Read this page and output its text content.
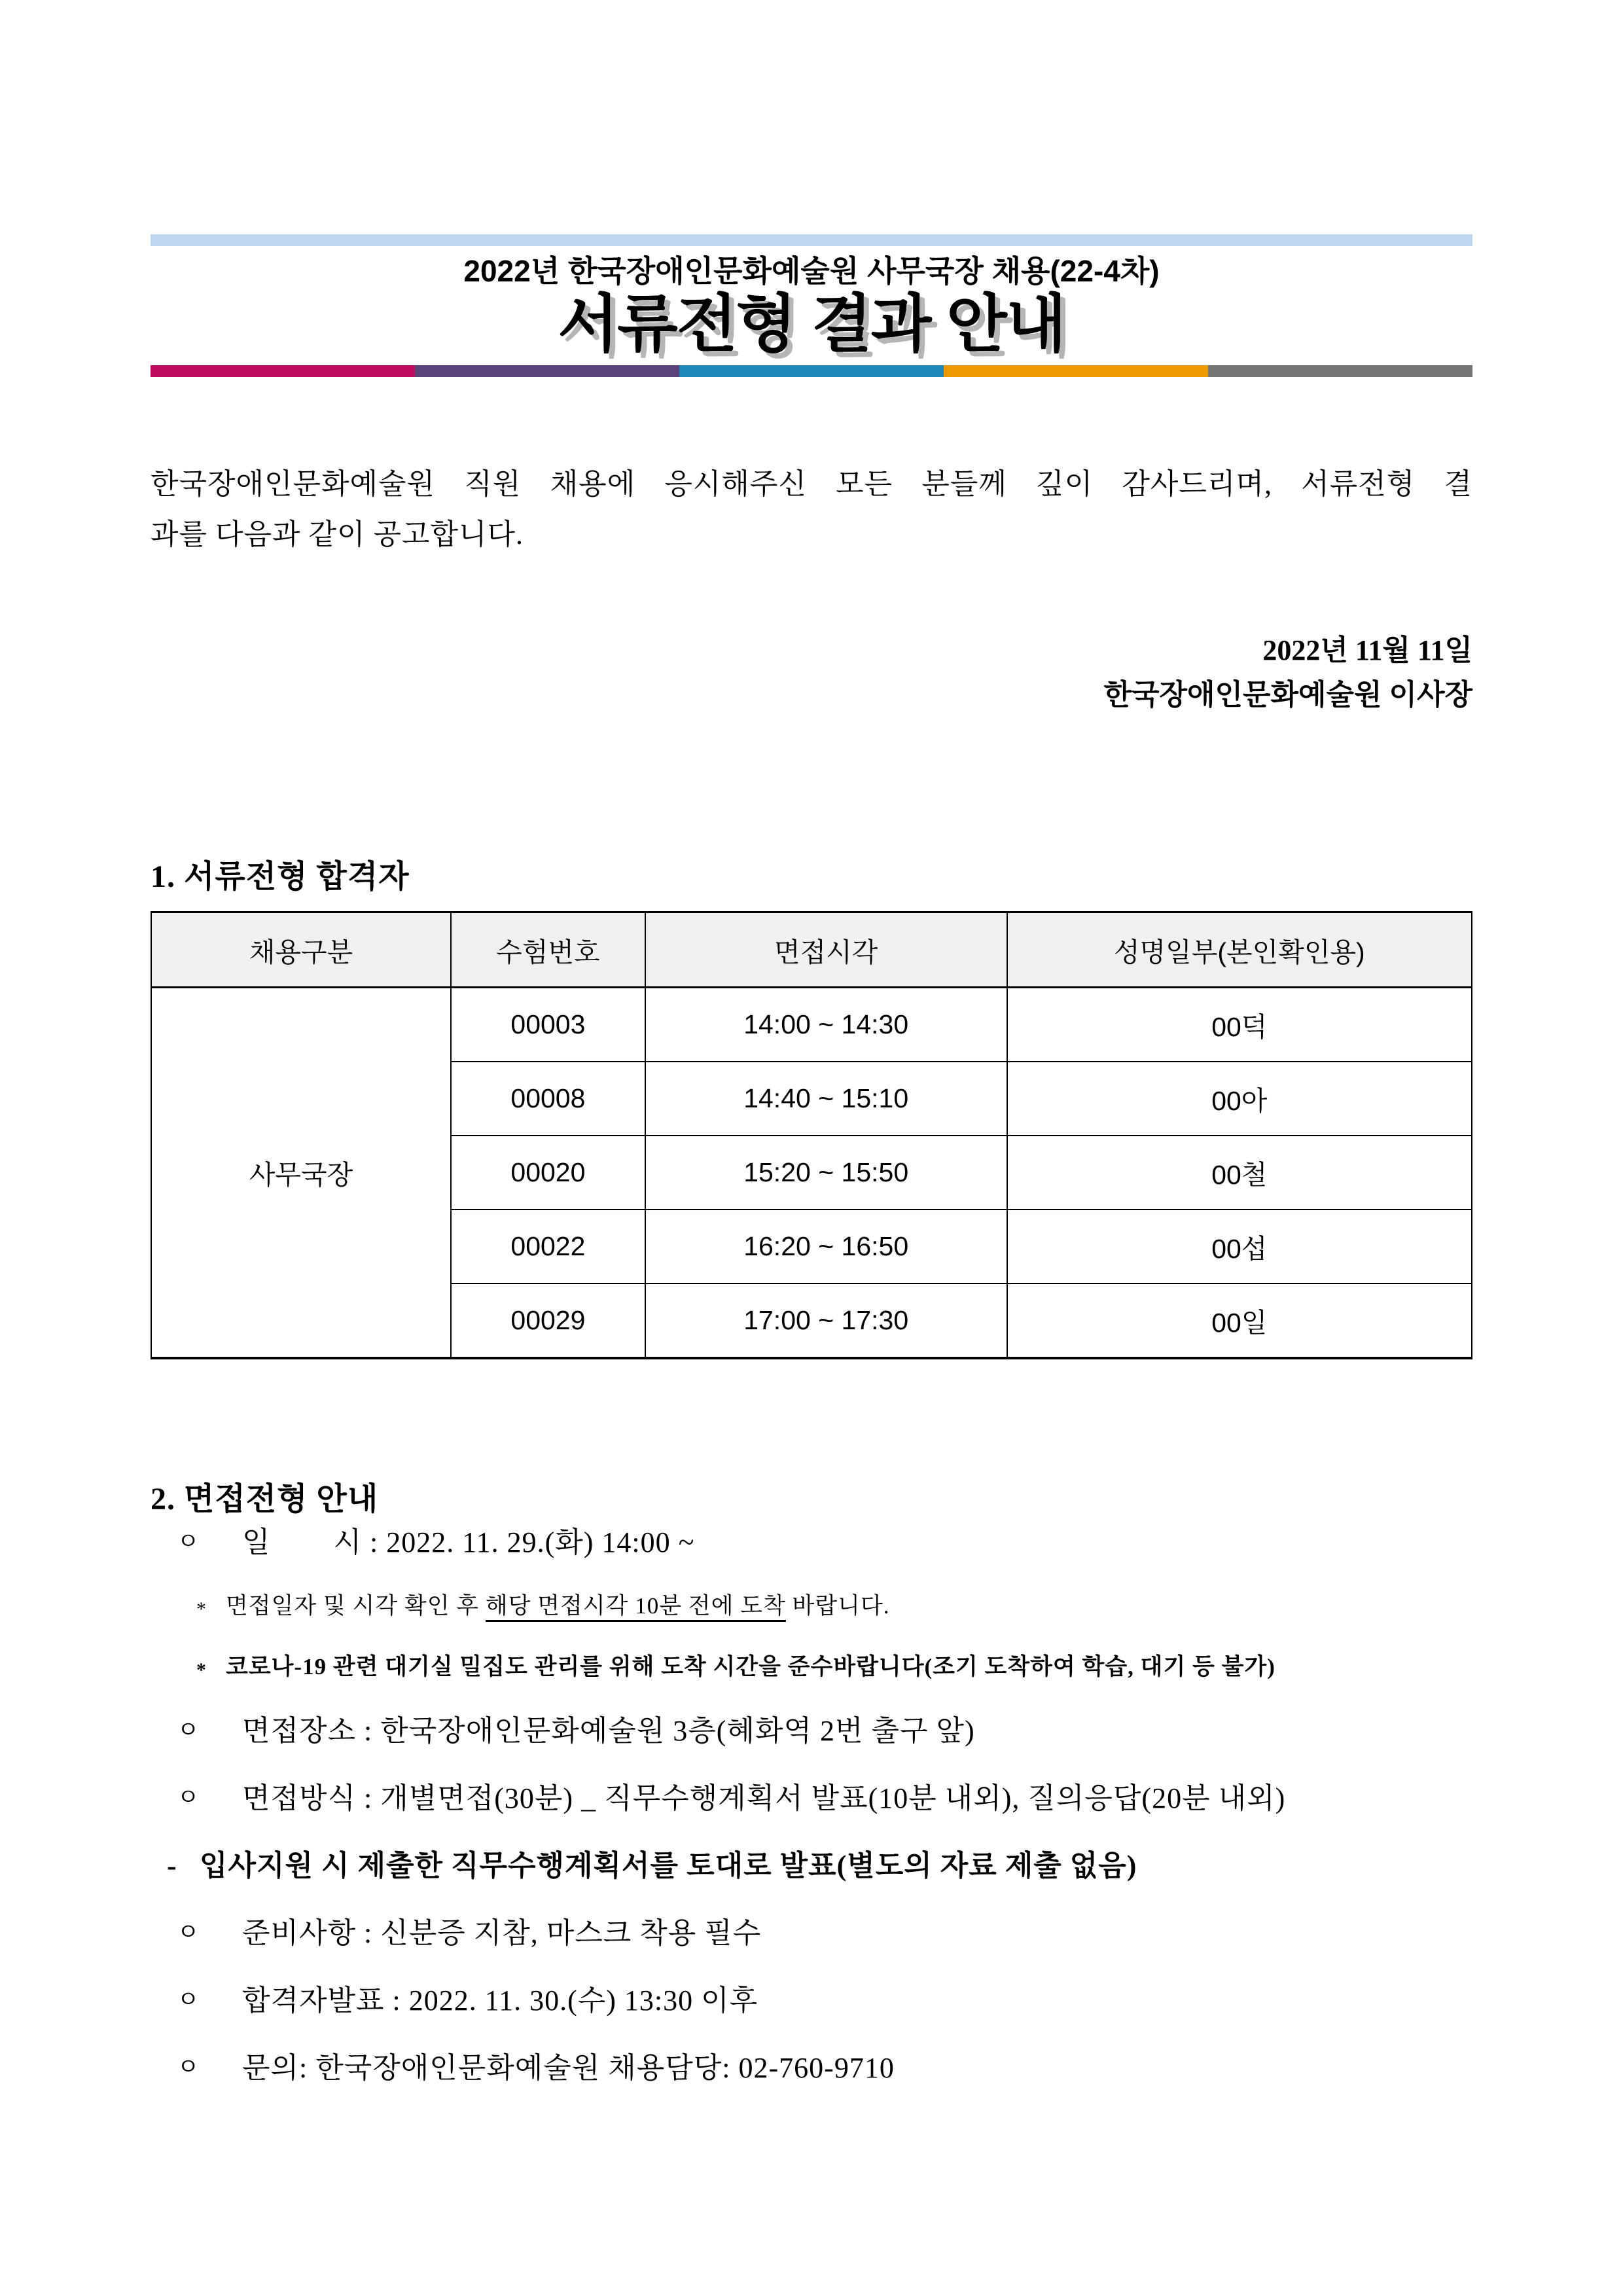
2022년 한국장애인문화예술원 사무국장 채용(22-4차)
서류전형 결과 안내
한국장애인문화예술원 직원 채용에 응시해주신 모든 분들께 깊이 감사드리며, 서류전형 결
과를 다음과 같이 공고합니다.
2022년 11월 11일
한국장애인문화예술원 이사장
1. 서류전형 합격자
채용구분	수험번호	면접시각	성명일부(본인확인용)
사무국장	00003	14:00 ~ 14:30	00덕
	00008	14:40 ~ 15:10	00아
	00020	15:20 ~ 15:50	00철
	00022	16:20 ~ 16:50	00섭
	00029	17:00 ~ 17:30	00일
2. 면접전형 안내
ㅇ	일        시 : 2022. 11. 29.(화) 14:00 ~
* 면접일자 및 시각 확인 후 해당 면접시각 10분 전에 도착 바랍니다.
* 코로나-19 관련 대기실 밀집도 관리를 위해 도착 시간을 준수바랍니다(조기 도착하여 학습, 대기 등 불가)
ㅇ	면접장소 : 한국장애인문화예술원 3층(혜화역 2번 출구 앞)
ㅇ	면접방식 : 개별면접(30분) _ 직무수행계획서 발표(10분 내외), 질의응답(20분 내외)
- 입사지원 시 제출한 직무수행계획서를 토대로 발표(별도의 자료 제출 없음)
ㅇ	준비사항 : 신분증 지참, 마스크 착용 필수
ㅇ	합격자발표 : 2022. 11. 30.(수) 13:30 이후
ㅇ	문의: 한국장애인문화예술원 채용담당: 02-760-9710
